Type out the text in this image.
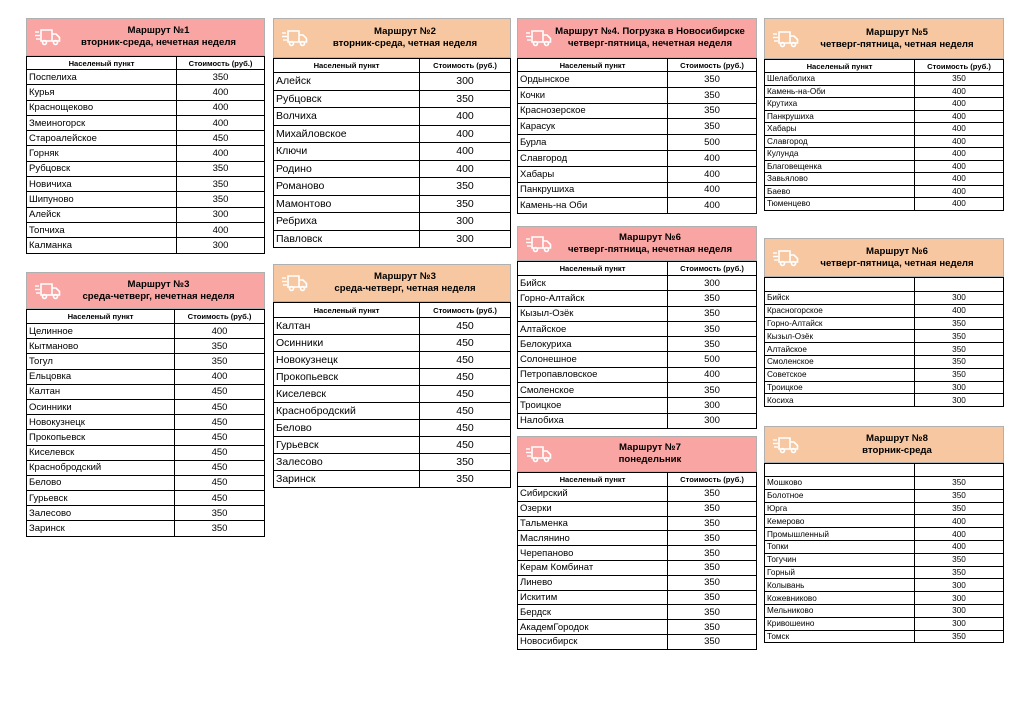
Маршрут №1
вторник-среда, нечетная неделя
Населеный пункт	Стоимость (руб.)
Поспелиха	350
Курья	400
Краснощеково	400
Змеиногорск	400
Староалейское	450
Горняк	400
Рубцовск	350
Новичиха	350
Шипуново	350
Алейск	300
Топчиха	400
Калманка	300
Маршрут №2
вторник-среда, четная неделя
Населеный пункт	Стоимость (руб.)
Алейск	300
Рубцовск	350
Волчиха	400
Михайловское	400
Ключи	400
Родино	400
Романово	350
Мамонтово	350
Ребриха	300
Павловск	300
Маршрут №4. Погрузка в Новосибирске
четверг-пятница, нечетная неделя
Населеный пункт	Стоимость (руб.)
Ордынское	350
Кочки	350
Краснозерское	350
Карасук	350
Бурла	500
Славгород	400
Хабары	400
Панкрушиха	400
Камень-на Оби	400
Маршрут №5
четверг-пятница, четная неделя
Населеный пункт	Стоимость (руб.)
Шелаболиха	350
Камень-на-Оби	400
Крутиха	400
Панкрушиха	400
Хабары	400
Славгород	400
Кулунда	400
Благовещенка	400
Завьялово	400
Баево	400
Тюменцево	400
Маршрут №3
среда-четверг, нечетная неделя
Населеный пункт	Стоимость (руб.)
Целинное	400
Кытманово	350
Тогул	350
Ельцовка	400
Калтан	450
Осинники	450
Новокузнецк	450
Прокопьевск	450
Киселевск	450
Краснобродский	450
Белово	450
Гурьевск	450
Залесово	350
Заринск	350
Маршрут №3
среда-четверг, четная неделя
Населеный пункт	Стоимость (руб.)
Калтан	450
Осинники	450
Новокузнецк	450
Прокопьевск	450
Киселевск	450
Краснобродский	450
Белово	450
Гурьевск	450
Залесово	350
Заринск	350
Маршрут №6
четверг-пятница, нечетная неделя
Населеный пункт	Стоимость (руб.)
Бийск	300
Горно-Алтайск	350
Кызыл-Озёк	350
Алтайское	350
Белокуриха	350
Солонешное	500
Петропавловское	400
Смоленское	350
Троицкое	300
Налобиха	300
Маршрут №6
четверг-пятница, четная неделя

Бийск	300
Красногорское	400
Горно-Алтайск	350
Кызыл-Озёк	350
Алтайское	350
Смоленское	350
Советское	350
Троицкое	300
Косиха	300
Маршрут №7
понедельник
Населеный пункт	Стоимость (руб.)
Сибирский	350
Озерки	350
Тальменка	350
Маслянино	350
Черепаново	350
Керам Комбинат	350
Линево	350
Искитим	350
Бердск	350
АкадемГородок	350
Новосибирск	350
Маршрут №8
вторник-среда

Мошково	350
Болотное	350
Юрга	350
Кемерово	400
Промышленный	400
Топки	400
Тогучин	350
Горный	350
Колывань	300
Кожевниково	300
Мельниково	300
Кривошеино	300
Томск	350
